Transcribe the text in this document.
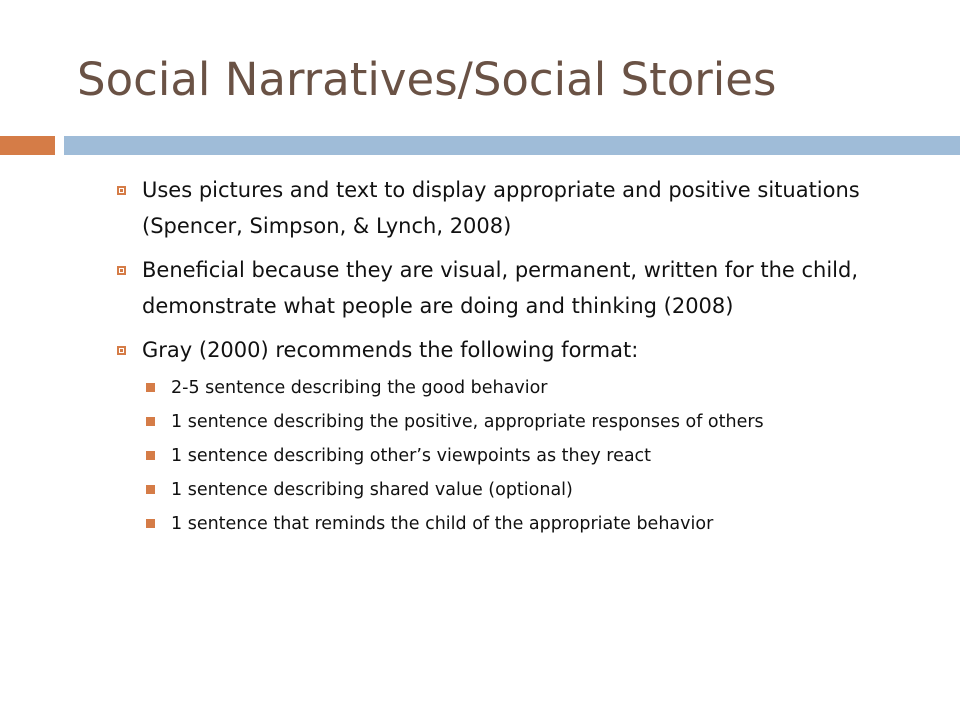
Social Narratives/Social Stories
Uses pictures and text to display appropriate and positive situations (Spencer, Simpson, & Lynch, 2008)
Beneficial because they are visual, permanent, written for the child, demonstrate what people are doing and thinking (2008)
Gray (2000) recommends the following format:
2-5 sentence describing the good behavior
1 sentence describing the positive, appropriate responses of others
1 sentence describing other’s viewpoints as they react
1 sentence describing shared value (optional)
1 sentence that reminds the child of the appropriate behavior
